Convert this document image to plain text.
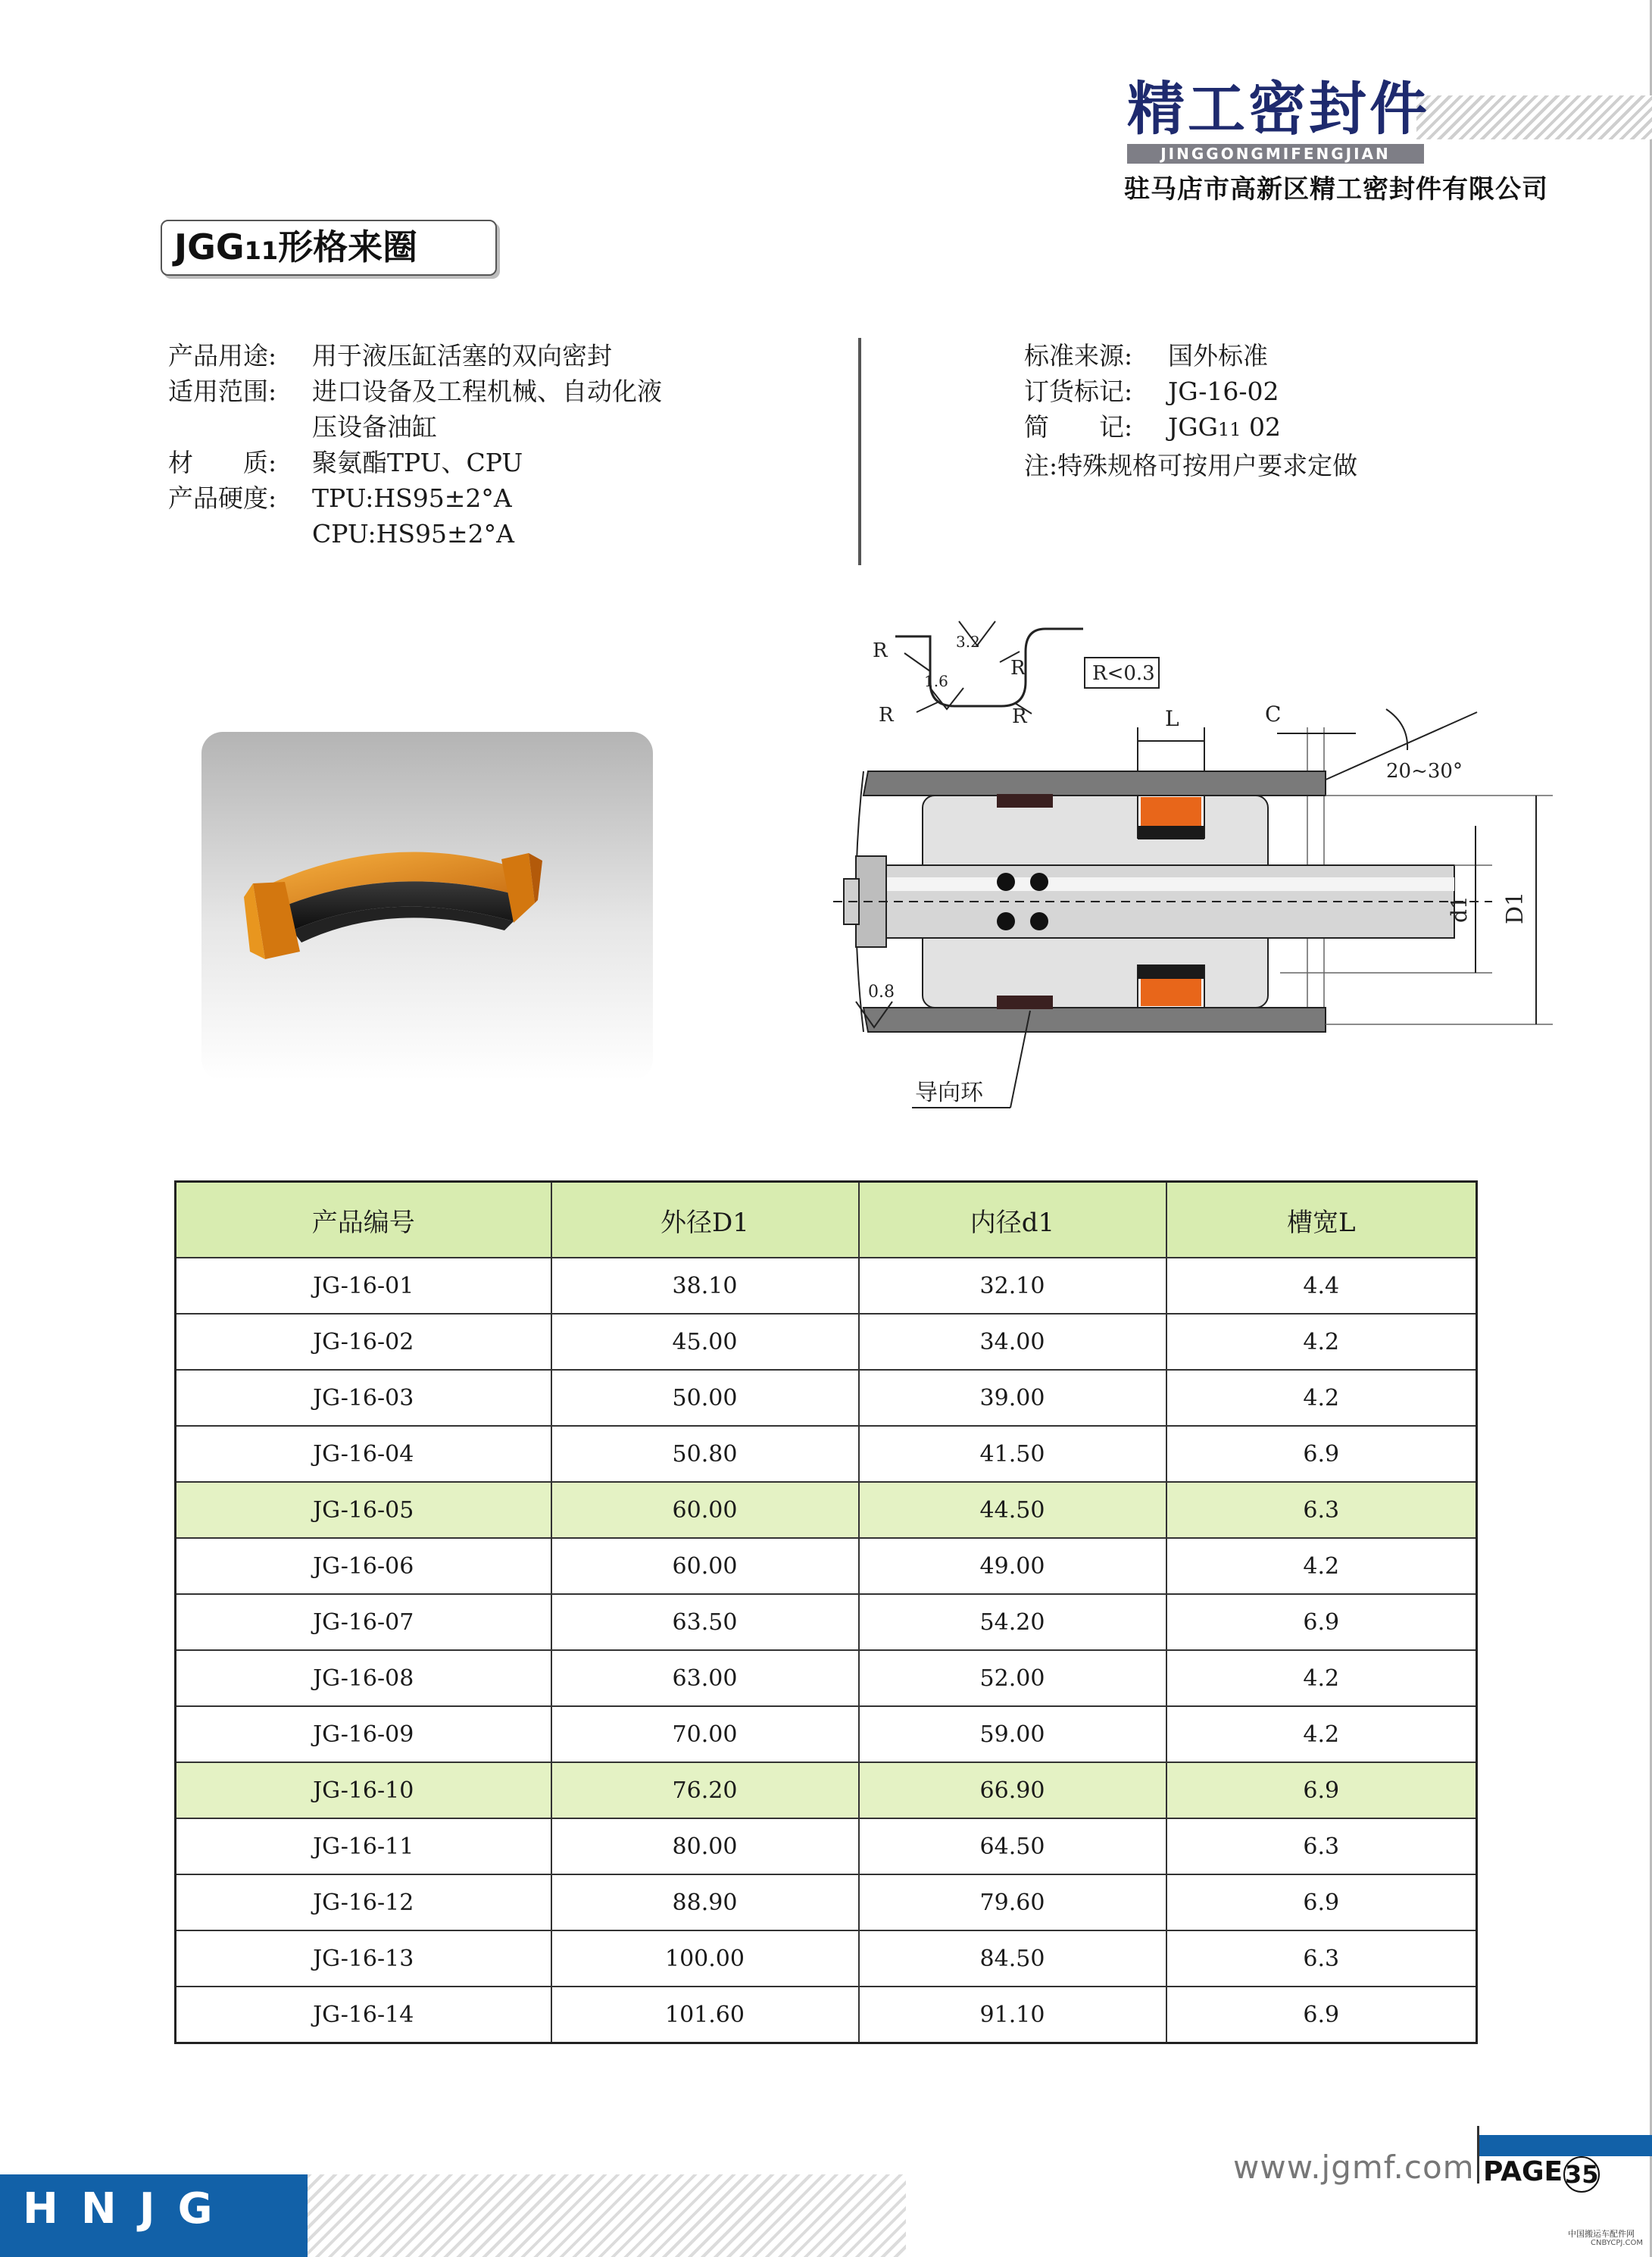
精工密封件
JINGGONGMIFENGJIAN
驻马店市高新区精工密封件有限公司
JGG11形格来圈
产品用途:	用于液压缸活塞的双向密封
适用范围:	进口设备及工程机械、自动化液
压设备油缸
材　　质:	聚氨酯TPU、CPU
产品硬度:	TPU:HS95±2°A
CPU:HS95±2°A
标准来源:	国外标准
订货标记:	JG-16-02
简　　记:	JGG11 02
注:特殊规格可按用户要求定做
R
R
R	R
3.2
1.6	R<0.3
L	C
20~30°
d1 D1
0.8
导向环
产品编号	外径D1	内径d1	槽宽L
JG-16-01	38.10	32.10	4.4
JG-16-02	45.00	34.00	4.2
JG-16-03	50.00	39.00	4.2
JG-16-04	50.80	41.50	6.9
JG-16-05	60.00	44.50	6.3
JG-16-06	60.00	49.00	4.2
JG-16-07	63.50	54.20	6.9
JG-16-08	63.00	52.00	4.2
JG-16-09	70.00	59.00	4.2
JG-16-10	76.20	66.90	6.9
JG-16-11	80.00	64.50	6.3
JG-16-12	88.90	79.60	6.9
JG-16-13	100.00	84.50	6.3
JG-16-14	101.60	91.10	6.9
HNJG
www.jgmf.com PAGE 35
中国搬运车配件网
CNBYCPJ.COM
